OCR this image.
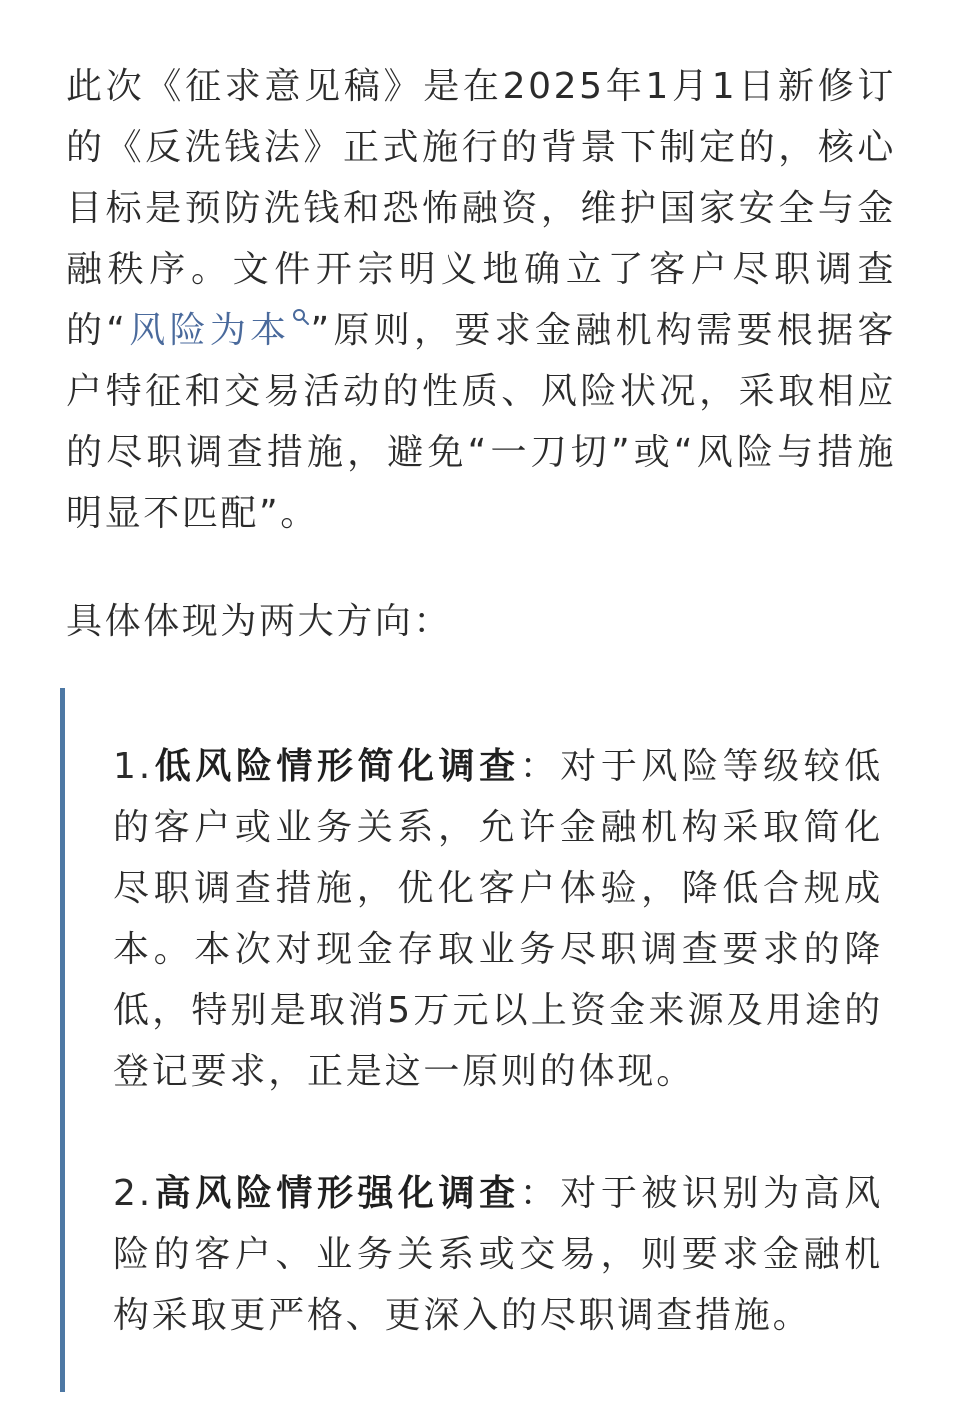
此次《征求意见稿》是在2025年1月1日新修订的《反洗钱法》正式施行的背景下制定的，核心目标是预防洗钱和恐怖融资，维护国家安全与金融秩序。文件开宗明义地确立了客户尽职调查的“风险为本 ”原则，要求金融机构需要根据客户特征和交易活动的性质、风险状况，采取相应的尽职调查措施，避免“一刀切”或“风险与措施明显不匹配”。

具体体现为两大方向：

1.低风险情形简化调查：对于风险等级较低的客户或业务关系，允许金融机构采取简化尽职调查措施，优化客户体验，降低合规成本。本次对现金存取业务尽职调查要求的降低，特别是取消5万元以上资金来源及用途的登记要求，正是这一原则的体现。

2.高风险情形强化调查：对于被识别为高风险的客户、业务关系或交易，则要求金融机构采取更严格、更深入的尽职调查措施。
